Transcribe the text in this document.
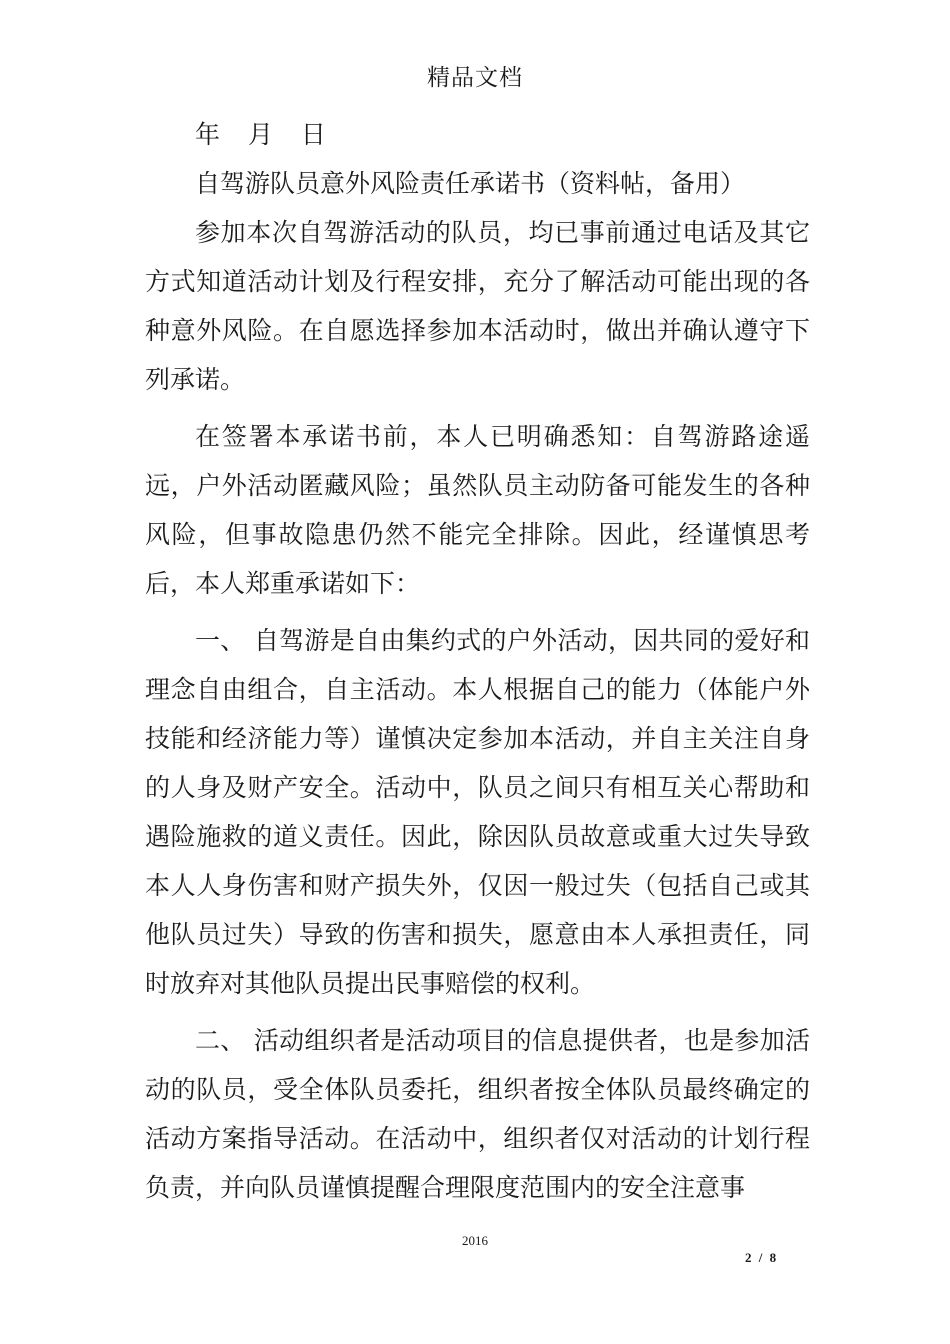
精品文档

年 月 日

自驾游队员意外风险责任承诺书（资料帖，备用）

参加本次自驾游活动的队员，均已事前通过电话及其它方式知道活动计划及行程安排，充分了解活动可能出现的各种意外风险。在自愿选择参加本活动时，做出并确认遵守下列承诺。

在签署本承诺书前，本人已明确悉知：自驾游路途遥远，户外活动匿藏风险；虽然队员主动防备可能发生的各种风险，但事故隐患仍然不能完全排除。因此，经谨慎思考后，本人郑重承诺如下：

一、 自驾游是自由集约式的户外活动，因共同的爱好和理念自由组合，自主活动。本人根据自己的能力（体能户外技能和经济能力等）谨慎决定参加本活动，并自主关注自身的人身及财产安全。活动中，队员之间只有相互关心帮助和遇险施救的道义责任。因此，除因队员故意或重大过失导致本人人身伤害和财产损失外，仅因一般过失（包括自己或其他队员过失）导致的伤害和损失，愿意由本人承担责任，同时放弃对其他队员提出民事赔偿的权利。

二、 活动组织者是活动项目的信息提供者，也是参加活动的队员，受全体队员委托，组织者按全体队员最终确定的活动方案指导活动。在活动中，组织者仅对活动的计划行程负责，并向队员谨慎提醒合理限度范围内的安全注意事

2016
2 / 8
